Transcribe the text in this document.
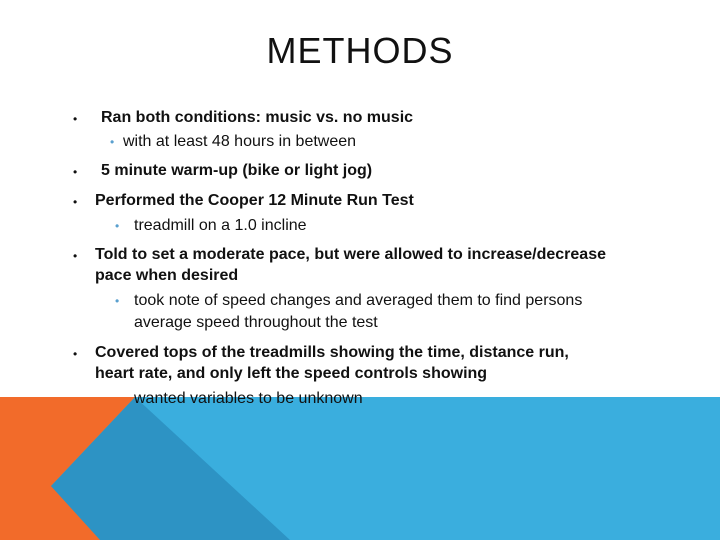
METHODS
• Ran both conditions: music vs. no music
• with at least 48 hours in between
• 5 minute warm-up (bike or light jog)
• Performed the Cooper 12 Minute Run Test
• treadmill on a 1.0 incline
• Told to set a moderate pace, but were allowed to increase/decrease
pace when desired
• took note of speed changes and averaged them to find persons
average speed throughout the test
• Covered tops of the treadmills showing the time, distance run,
heart rate, and only left the speed controls showing
wanted variables to be unknown
